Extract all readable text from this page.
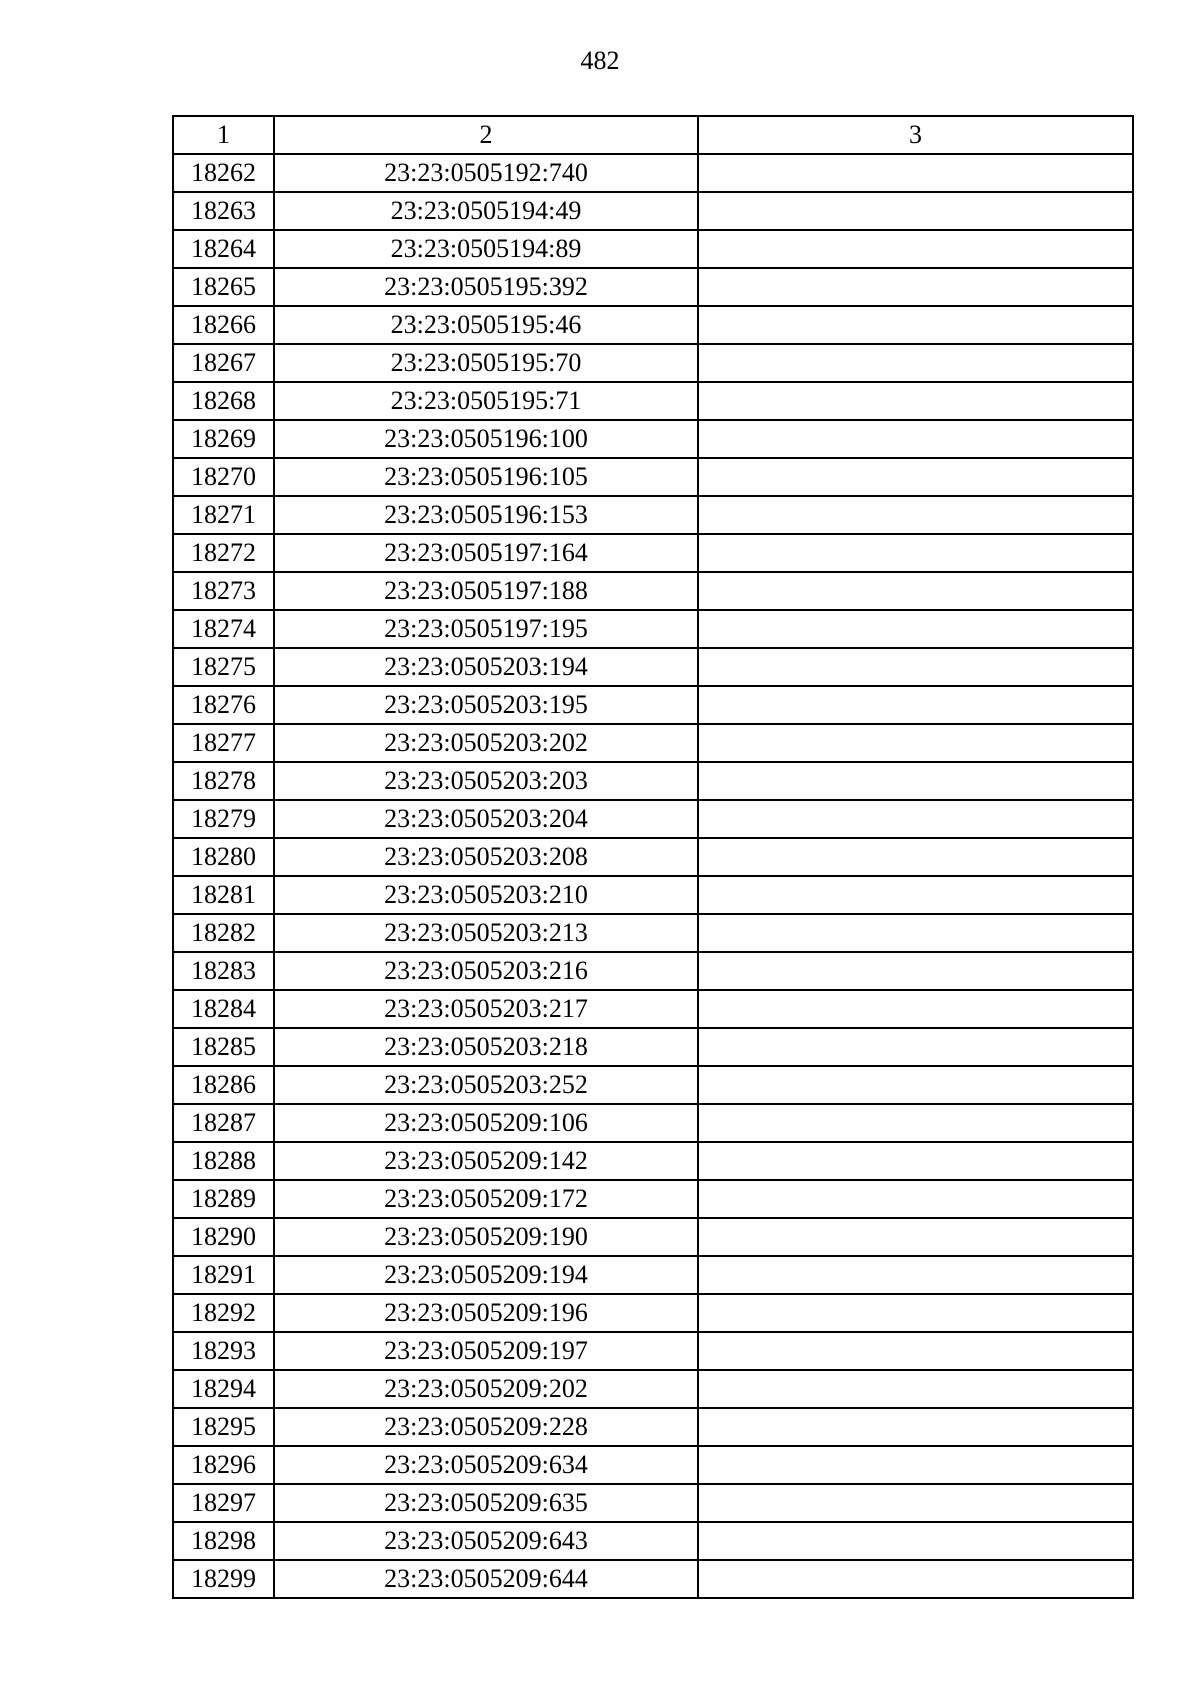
482
1	2	3
18262	23:23:0505192:740	
18263	23:23:0505194:49	
18264	23:23:0505194:89	
18265	23:23:0505195:392	
18266	23:23:0505195:46	
18267	23:23:0505195:70	
18268	23:23:0505195:71	
18269	23:23:0505196:100	
18270	23:23:0505196:105	
18271	23:23:0505196:153	
18272	23:23:0505197:164	
18273	23:23:0505197:188	
18274	23:23:0505197:195	
18275	23:23:0505203:194	
18276	23:23:0505203:195	
18277	23:23:0505203:202	
18278	23:23:0505203:203	
18279	23:23:0505203:204	
18280	23:23:0505203:208	
18281	23:23:0505203:210	
18282	23:23:0505203:213	
18283	23:23:0505203:216	
18284	23:23:0505203:217	
18285	23:23:0505203:218	
18286	23:23:0505203:252	
18287	23:23:0505209:106	
18288	23:23:0505209:142	
18289	23:23:0505209:172	
18290	23:23:0505209:190	
18291	23:23:0505209:194	
18292	23:23:0505209:196	
18293	23:23:0505209:197	
18294	23:23:0505209:202	
18295	23:23:0505209:228	
18296	23:23:0505209:634	
18297	23:23:0505209:635	
18298	23:23:0505209:643	
18299	23:23:0505209:644	
